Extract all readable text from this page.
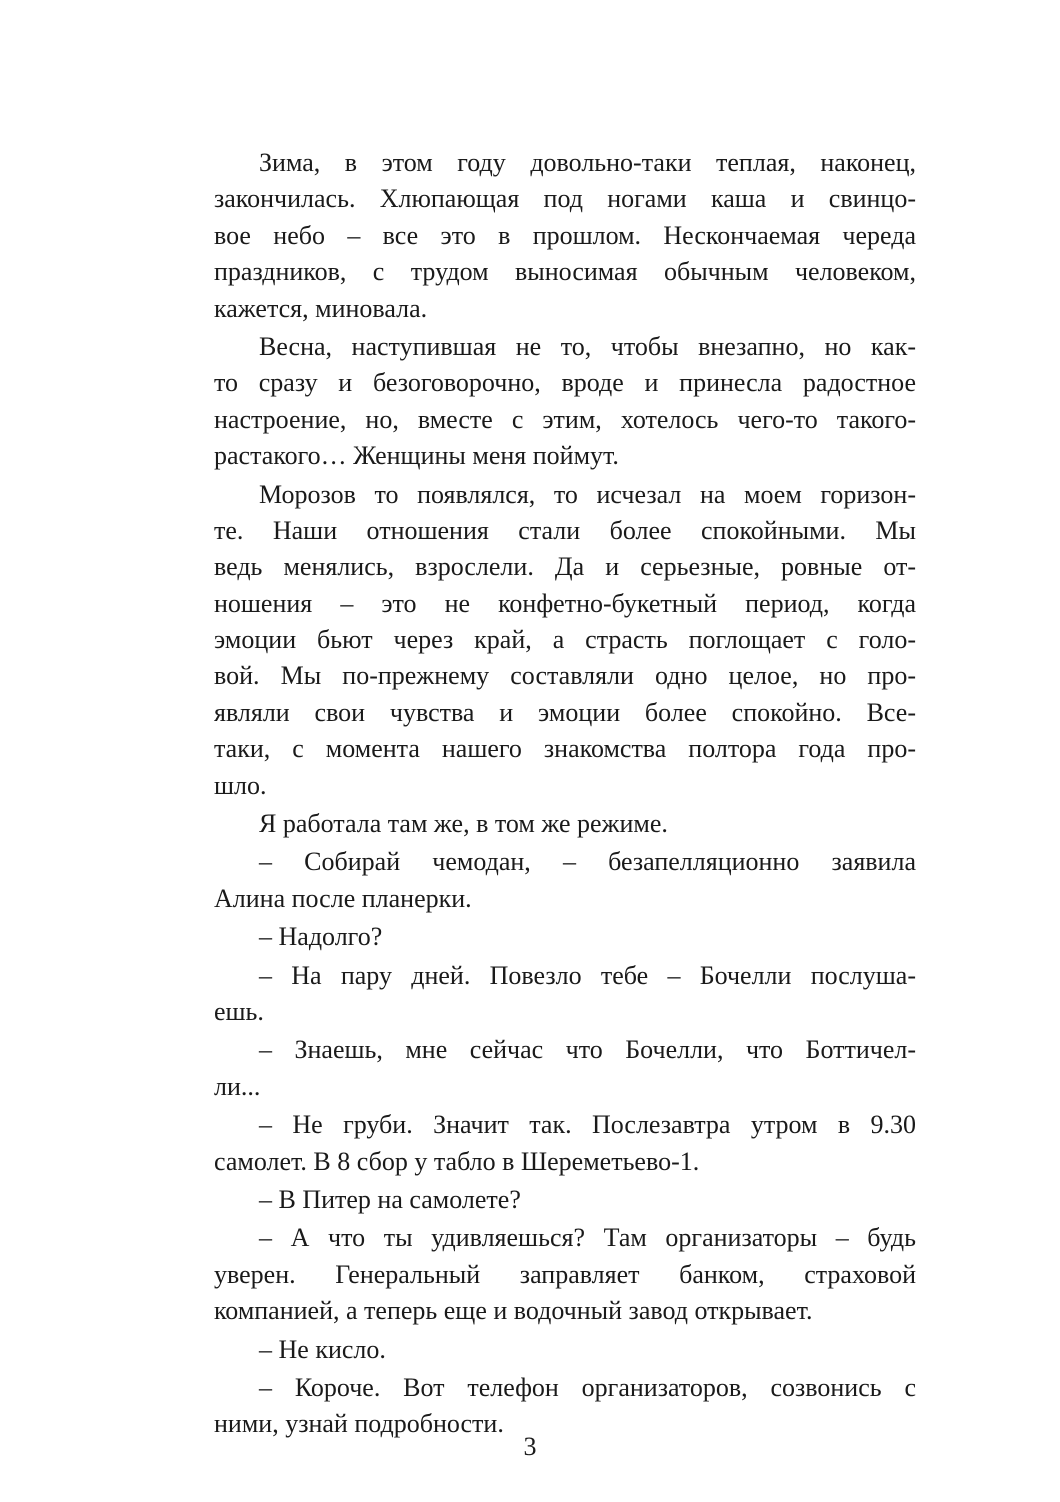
Зима, в этом году довольно-таки теплая, наконец,
закончилась. Хлюпающая под ногами каша и свинцо-
вое небо – все это в прошлом. Нескончаемая череда
праздников, с трудом выносимая обычным человеком,
кажется, миновала.
Весна, наступившая не то, чтобы внезапно, но как-
то сразу и безоговорочно, вроде и принесла радостное
настроение, но, вместе с этим, хотелось чего-то такого-
растакого… Женщины меня поймут.
Морозов то появлялся, то исчезал на моем горизон-
те. Наши отношения стали более спокойными. Мы
ведь менялись, взрослели. Да и серьезные, ровные от-
ношения – это не конфетно-букетный период, когда
эмоции бьют через край, а страсть поглощает с голо-
вой. Мы по-прежнему составляли одно целое, но про-
являли свои чувства и эмоции более спокойно. Все-
таки, с момента нашего знакомства полтора года про-
шло.
Я работала там же, в том же режиме.
– Собирай чемодан, – безапелляционно заявила
Алина после планерки.
– Надолго?
– На пару дней. Повезло тебе – Бочелли послуша-
ешь.
– Знаешь, мне сейчас что Бочелли, что Боттичел-
ли...
– Не груби. Значит так. Послезавтра утром в 9.30
самолет. В 8 сбор у табло в Шереметьево-1.
– В Питер на самолете?
– А что ты удивляешься? Там организаторы – будь
уверен. Генеральный заправляет банком, страховой
компанией, а теперь еще и водочный завод открывает.
– Не кисло.
– Короче. Вот телефон организаторов, созвонись с
ними, узнай подробности.
3
